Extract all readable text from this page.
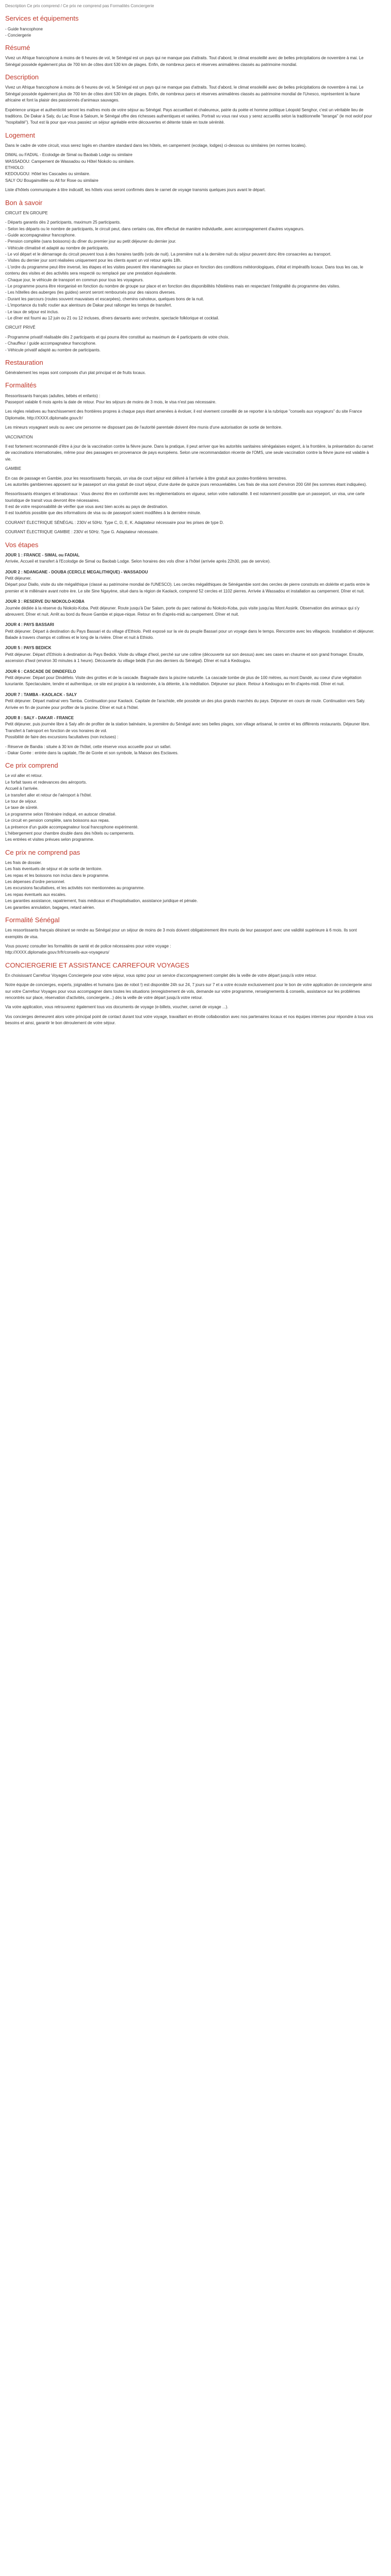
Description Ce prix comprend / Ce prix ne comprend pas Formalités Conciergerie
Services et équipements
- Guide francophone
- Conciergerie
Résumé

Vivez un Afrique francophone à moins de 6 heures de vol, le Sénégal est un pays qui ne manque pas d'attraits. Tout d'abord, le climat ensoleillé avec de belles précipitations de novembre à mai. Le Sénégal possède également plus de 700 km de côtes dont 530 km de plages. Enfin, de nombreux parcs et réserves animalières classés au patrimoine mondial.

Description

Vivez un Afrique francophone à moins de 6 heures de vol, le Sénégal est un pays qui ne manque pas d'attraits. Tout d'abord, le climat ensoleillé avec de belles précipitations de novembre à mai. Le Sénégal possède également plus de 700 km de côtes dont 530 km de plages. Enfin, de nombreux parcs et réserves animalières classés au patrimoine mondial de l'Unesco, représentent la faune africaine et font la plaisir des passionnés d'animaux sauvages.

Expérience unique et authenticité seront les maîtres mots de votre séjour au Sénégal. Pays accueillant et chaleureux, patrie du poète et homme politique Léopold Senghor, c'est un véritable lieu de traditions. De Dakar à Saly, du Lac Rose à Saloum, le Sénégal offre des richesses authentiques et variées. Portrait vu vous ravi vous y serez accueillis selon la traditionnelle "teranga" (le mot wolof pour "hospitalité"). Tout est là pour que vous passiez un séjour agréable entre découvertes et détente totale en toute sérénité.

Logement

Dans le cadre de votre circuit, vous serez logés en chambre standard dans les hôtels, en campement (ecolage, lodges) ci-dessous ou similaires (en normes locales).

DIMAL ou FADIAL - Ecolodge de Simal ou Baobab Lodge ou similaire
WASSADOU: Campement de Wassadou ou Hôtel Niokolo ou similaire.
ETHIOLO:
KEDOUGOU: Hôtel les Cascades ou similaire.
SALY OU Bougainvillée ou All for Rose ou similaire

Liste d'hôtels communiquée à titre indicatif, les hôtels vous seront confirmés dans le carnet de voyage transmis quelques jours avant le départ.

Bon à savoir

CIRCUIT EN GROUPE

- Départs garantis dès 2 participants, maximum 25 participants.
- Selon les départs ou le nombre de participants, le circuit peut, dans certains cas, être effectué de manière individuelle, avec accompagnement d'autres voyageurs.
- Guide accompagnateur francophone.
- Pension complète (sans boissons) du dîner du premier jour au petit déjeuner du dernier jour.
- Véhicule climatisé et adapté au nombre de participants.
- Le vol départ et le démarrage du circuit peuvent tous à des horaires tardifs (vols de nuit). La première nuit a la dernière nuit du séjour peuvent donc être consacrées au transport.
- Visites du dernier jour sont réalisées uniquement pour les clients ayant un vol retour après 18h.
- L'ordre du programme peut être inversé, les étapes et les visites peuvent être réaménagées sur place en fonction des conditions météorologiques, d'état et impératifs locaux. Dans tous les cas, le contenu des visites et des activités sera respecté ou remplacé par une prestation équivalente.
- Chaque jour, le véhicule de transport en commun pour tous les voyageurs.
- Le programme pourra être réorganisé en fonction du nombre de groupe sur place et en fonction des disponibilités hôtelières mais en respectant l'intégralité du programme des visites.
- Les hôtelles des auberges (les guides) seront seront remboursés pour des raisons diverses.
- Durant les parcours (routes souvent mauvaises et escarpées), chemins cahoteux, quelques bons de la nuit.
- L'importance du trafic routier aux alentours de Dakar peut rallonger les temps de transfert.
- Le taux de séjour est inclus.
- Le dîner est fourni au 12 juin ou 21 ou 12 incluses, dîners dansants avec orchestre, spectacle folklorique et cocktail.

CIRCUIT PRIVÉ

- Programme privatif réalisable dès 2 participants et qui pourra être constitué au maximum de 4 participants de votre choix.
- Chauffeur / guide accompagnateur francophone.
- Véhicule privatif adapté au nombre de participants.
Restauration

Généralement les repas sont composés d'un plat principal et de fruits locaux.

Formalités

Ressortissants français (adultes, bébés et enfants) :
Passeport valable 6 mois après la date de retour. Pour les séjours de moins de 3 mois, le visa n'est pas nécessaire.

Les règles relatives au franchissement des frontières propres à chaque pays étant amenées à évoluer, il est vivement conseillé de se reporter à la rubrique "conseils aux voyageurs" du site France Diplomatie, http://XXXX.diplomatie.gouv.fr/

Les mineurs voyageant seuls ou avec une personne ne disposant pas de l'autorité parentale doivent être munis d'une autorisation de sortie de territoire.

VACCINATION

Il est fortement recommandé d'être à jour de la vaccination contre la fièvre jaune. Dans la pratique, il peut arriver que les autorités sanitaires sénégalaises exigent, à la frontière, la présentation du carnet de vaccinations internationales, même pour des passagers en provenance de pays européens. Selon une recommandation récente de l'OMS, une seule vaccination contre la fièvre jaune est valable à vie.

GAMBIE

En cas de passage en Gambie, pour les ressortissants français, un visa de court séjour est délivré à l'arrivée à titre gratuit aux postes-frontières terrestres.
Les autorités gambiennes apposent sur le passeport un visa gratuit de court séjour, d'une durée de quinze jours renouvelables. Les frais de visa sont d'environ 200 GM (les sommes étant indiquées).

Ressortissants étrangers et binationaux : Vous devrez être en conformité avec les réglementations en vigueur, selon votre nationalité. Il est notamment possible que un passeport, un visa, une carte touristique de transit vous devront être nécessaires.
Il est de votre responsabilité de vérifier que vous avez bien accès au pays de destination.
Il est toutefois possible que des informations de visa ou de passeport soient modifiées à la dernière minute.

COURANT ÉLECTRIQUE SÉNÉGAL : 230V et 50Hz. Type C, D, E, K. Adaptateur nécessaire pour les prises de type D.

COURANT ÉLECTRIQUE GAMBIE : 230V et 50Hz. Type G. Adaptateur nécessaire.

Vos étapes
JOUR 1 : FRANCE - SIMAL ou FADIAL

Arrivée, Accueil et transfert à l'Ecolodge de Simal ou Baobab Lodge. Selon horaires des vols dîner à l'hôtel (arrivée après 22h30, pas de service).

JOUR 2 : NDANGANE - DOUBA (CERCLE MEGALITHIQUE) - WASSADOU

Petit déjeuner.
Départ pour Diallo, visite du site mégalithique (classé au patrimoine mondial de l'UNESCO). Les cercles mégalithiques de Sénégambie sont des cercles de pierre construits en dolérite et partis entre le premier et le millénaire avant notre ère. Le site Sine Ngayène, situé dans la région de Kaolack, comprend 52 cercles et 1102 pierres. Arrivée à Wassadou et installation au campement. Dîner et nuit.

JOUR 3 : RESERVE DU NIOKOLO-KOBA

Journée dédiée à la réserve du Niokolo-Koba. Petit déjeuner. Route jusqu'à Dar Salam, porte du parc national du Niokolo-Koba, puis visite jusqu'au Mont Assirik. Observation des animaux qui s'y abreuvent. Dîner et nuit. Arrêt au bord du fleuve Gambie et pique-nique. Retour en fin d'après-midi au campement. Dîner et nuit.

JOUR 4 : PAYS BASSARI

Petit déjeuner. Départ à destination du Pays Bassari et du village d'Ethiolo. Petit exposé sur la vie du peuple Bassari pour un voyage dans le temps. Rencontre avec les villageois. Installation et déjeuner. Balade à travers champs et collines et le long de la rivière. Dîner et nuit à Ethiolo.

JOUR 5 : PAYS BEDICK

Petit déjeuner. Départ d'Ethiolo à destination du Pays Bedick. Visite du village d'Iwol, perché sur une colline (découverte sur son dessus) avec ses cases en chaume et son grand fromager. Ensuite, ascension d'Iwol (environ 30 minutes à 1 heure). Découverte du village bédik (l'un des derniers du Sénégal). Dîner et nuit à Kedougou.

JOUR 6 : CASCADE DE DINDEFELO

Petit déjeuner. Départ pour Dindéfelo. Visite des grottes et de la cascade. Baignade dans la piscine naturelle. La cascade tombe de plus de 100 mètres, au mont Dandé, au coeur d'une végétation luxuriante. Spectaculaire, tendre et authentique, ce site est propice à la randonnée, à la détente, à la méditation. Déjeuner sur place. Retour à Kedougou en fin d'après-midi. Dîner et nuit.

JOUR 7 : TAMBA - KAOLACK - SALY

Petit déjeuner. Départ matinal vers Tamba. Continuation pour Kaolack. Capitale de l'arachide, elle possède un des plus grands marchés du pays. Déjeuner en cours de route. Continuation vers Saly. Arrivée en fin de journée pour profiter de la piscine. Dîner et nuit à l'hôtel.

JOUR 8 : SALY - DAKAR - FRANCE

Petit déjeuner, puis journée libre à Saly afin de profiter de la station balnéaire, la première du Sénégal avec ses belles plages, son village artisanal, le centre et les différents restaurants. Déjeuner libre. Transfert à l'aéroport en fonction de vos horaires de vol.
Possibilité de faire des excursions facultatives (non incluses) :

- Réserve de Bandia : située à 30 km de l'hôtel, cette réserve vous accueille pour un safari.
- Dakar Gorée : entrée dans la capitale, l'île de Gorée et son symbole, la Maison des Esclaves.
Ce prix comprend
Le vol aller et retour.
Le forfait taxes et redevances des aéroports.
Accueil à l'arrivée.
Le transfert aller et retour de l'aéroport à l'hôtel.
Le tour de séjour.
Le taxe de sûreté.
Le programme selon l'itinéraire indiqué, en autocar climatisé.
Le circuit en pension complète, sans boissons aux repas.
La présence d'un guide accompagnateur local francophone expérimenté.
L'hébergement pour chambre double dans des hôtels ou campements.
Les entrées et visites prévues selon programme.
Ce prix ne comprend pas
Les frais de dossier.
Les frais éventuels de séjour et de sortie de territoire.
Les repas et les boissons non inclus dans le programme.
Les dépenses d'ordre personnel.
Les excursions facultatives, et les activités non mentionnées au programme.
Les repas éventuels aux escales.
Les garanties assistance, rapatriement, frais médicaux et d'hospitalisation, assistance juridique et pénale.
Les garanties annulation, bagages, retard aérien.
Formalité Sénégal

Les ressortissants français désirant se rendre au Sénégal pour un séjour de moins de 3 mois doivent obligatoirement être munis de leur passeport avec une validité supérieure à 6 mois. Ils sont exemptés de visa.

Vous pouvez consulter les formalités de santé et de police nécessaires pour votre voyage :
http://XXXX.diplomatie.gouv.fr/fr/conseils-aux-voyageurs/

CONCIERGERIE ET ASSISTANCE CARREFOUR VOYAGES

En choisissant Carrefour Voyages Conciergerie pour votre séjour, vous optez pour un service d'accompagnement complet dès la veille de votre départ jusqu'à votre retour.

Notre équipe de concierges, experts, joignables et humains (pas de robot !) est disponible 24h sur 24, 7 jours sur 7 et a votre écoute exclusivement pour le bon de votre application de conciergerie ainsi sur votre Carrefour Voyages pour vous accompagner dans toutes les situations (enregistrement de vols, demande sur votre programme, renseignements & conseils, assistance sur les problèmes rencontrés sur place, réservation d'activités, conciergerie...) dès la veille de votre départ jusqu'à votre retour.

Via votre application, vous retrouverez également tous vos documents de voyage (e-billets, voucher, carnet de voyage ...).

Vos concierges demeurent alors votre principal point de contact durant tout votre voyage, travaillant en étroite collaboration avec nos partenaires locaux et nos équipes internes pour répondre à tous vos besoins et ainsi, garantir le bon déroulement de votre séjour.
